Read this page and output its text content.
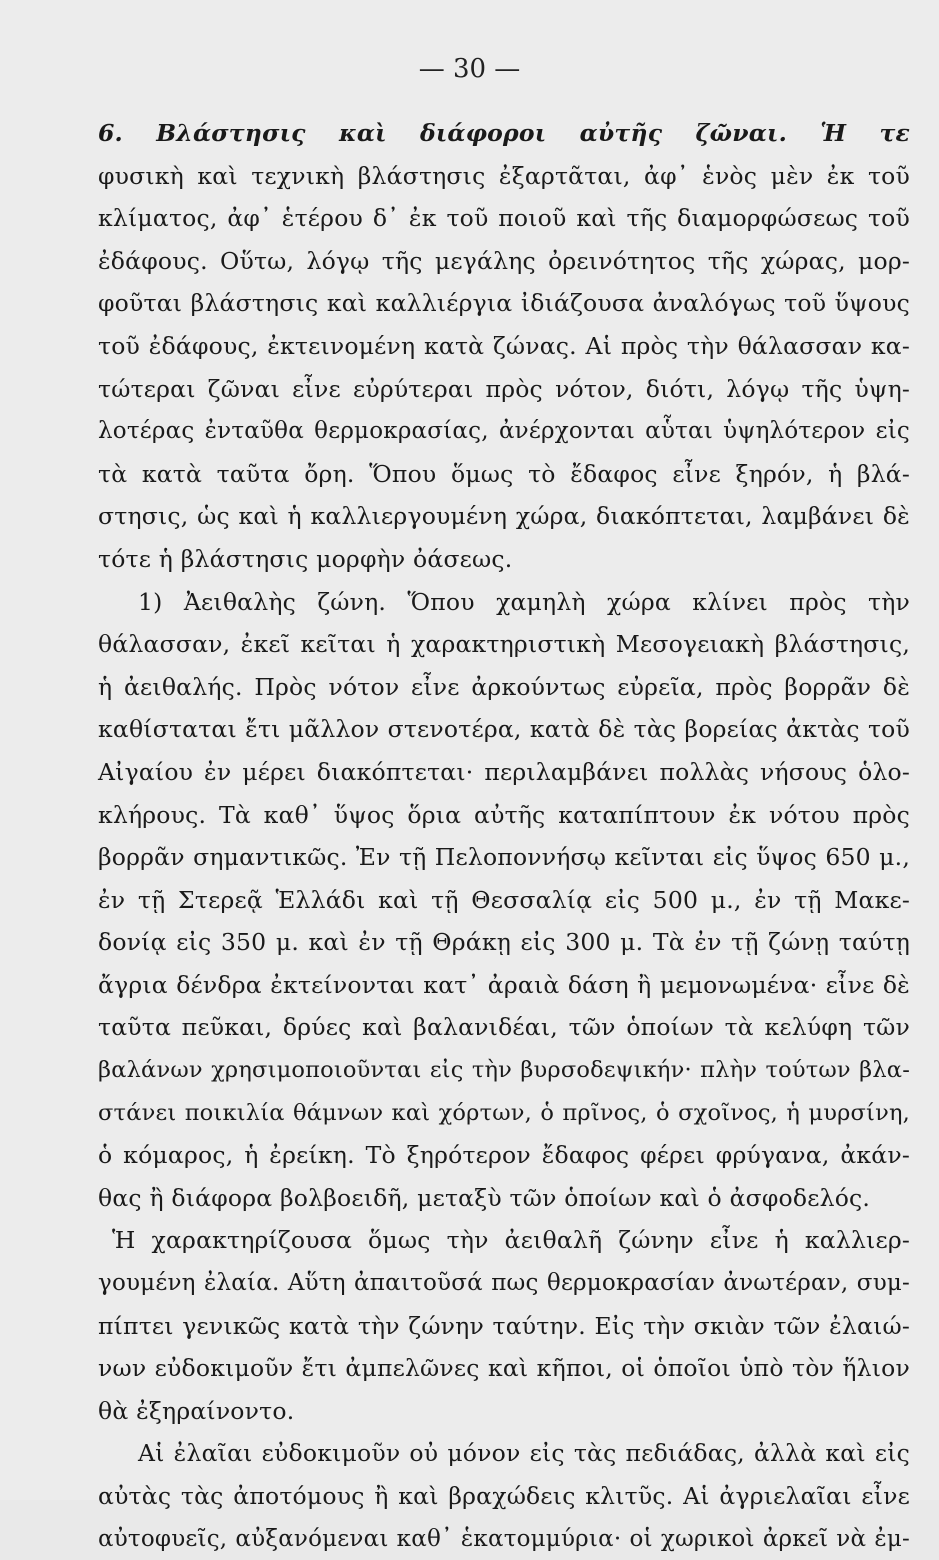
— 30 —
6. Βλάστησις καὶ διάφοροι αὐτῆς ζῶναι. Ἡ τε
φυσικὴ καὶ τεχνικὴ βλάστησις ἐξαρτᾶται, ἀφ᾽ ἑνὸς μὲν ἐκ τοῦ
κλίματος, ἀφ᾽ ἑτέρου δ᾽ ἐκ τοῦ ποιοῦ καὶ τῆς διαμορφώσεως τοῦ
ἐδάφους. Οὕτω, λόγῳ τῆς μεγάλης ὀρεινότητος τῆς χώρας, μορ-
φοῦται βλάστησις καὶ καλλιέργια ἰδιάζουσα ἀναλόγως τοῦ ὕψους
τοῦ ἐδάφους, ἐκτεινομένη κατὰ ζώνας. Αἱ πρὸς τὴν θάλασσαν κα-
τώτεραι ζῶναι εἶνε εὐρύτεραι πρὸς νότον, διότι, λόγῳ τῆς ὑψη-
λοτέρας ἐνταῦθα θερμοκρασίας, ἀνέρχονται αὗται ὑψηλότερον εἰς
τὰ κατὰ ταῦτα ὄρη. Ὅπου ὅμως τὸ ἔδαφος εἶνε ξηρόν, ἡ βλά-
στησις, ὡς καὶ ἡ καλλιεργουμένη χώρα, διακόπτεται, λαμβάνει δὲ
τότε ἡ βλάστησις μορφὴν ὀάσεως.
1) Ἀειθαλὴς ζώνη. Ὅπου χαμηλὴ χώρα κλίνει πρὸς τὴν
θάλασσαν, ἐκεῖ κεῖται ἡ χαρακτηριστικὴ Μεσογειακὴ βλάστησις,
ἡ ἀειθαλής. Πρὸς νότον εἶνε ἀρκούντως εὐρεῖα, πρὸς βορρᾶν δὲ
καθίσταται ἔτι μᾶλλον στενοτέρα, κατὰ δὲ τὰς βορείας ἀκτὰς τοῦ
Αἰγαίου ἐν μέρει διακόπτεται· περιλαμβάνει πολλὰς νήσους ὁλο-
κλήρους. Τὰ καθ᾽ ὕψος ὅρια αὐτῆς καταπίπτουν ἐκ νότου πρὸς
βορρᾶν σημαντικῶς. Ἐν τῇ Πελοποννήσῳ κεῖνται εἰς ὕψος 650 μ.,
ἐν τῇ Στερεᾷ Ἑλλάδι καὶ τῇ Θεσσαλίᾳ εἰς 500 μ., ἐν τῇ Μακε-
δονίᾳ εἰς 350 μ. καὶ ἐν τῇ Θράκῃ εἰς 300 μ. Τὰ ἐν τῇ ζώνῃ ταύτῃ
ἄγρια δένδρα ἐκτείνονται κατ᾽ ἀραιὰ δάση ἢ μεμονωμένα· εἶνε δὲ
ταῦτα πεῦκαι, δρύες καὶ βαλανιδέαι, τῶν ὁποίων τὰ κελύφη τῶν
βαλάνων χρησιμοποιοῦνται εἰς τὴν βυρσοδεψικήν· πλὴν τούτων βλα-
στάνει ποικιλία θάμνων καὶ χόρτων, ὁ πρῖνος, ὁ σχοῖνος, ἡ μυρσίνη,
ὁ κόμαρος, ἡ ἐρείκη. Τὸ ξηρότερον ἔδαφος φέρει φρύγανα, ἀκάν-
θας ἢ διάφορα βολβοειδῆ, μεταξὺ τῶν ὁποίων καὶ ὁ ἀσφοδελός.
Ἡ χαρακτηρίζουσα ὅμως τὴν ἀειθαλῆ ζώνην εἶνε ἡ καλλιερ-
γουμένη ἐλαία. Αὕτη ἀπαιτοῦσά πως θερμοκρασίαν ἀνωτέραν, συμ-
πίπτει γενικῶς κατὰ τὴν ζώνην ταύτην. Εἰς τὴν σκιὰν τῶν ἐλαιώ-
νων εὐδοκιμοῦν ἔτι ἀμπελῶνες καὶ κῆποι, οἱ ὁποῖοι ὑπὸ τὸν ἥλιον
θὰ ἐξηραίνοντο.
Αἱ ἐλαῖαι εὐδοκιμοῦν οὐ μόνον εἰς τὰς πεδιάδας, ἀλλὰ καὶ εἰς
αὐτὰς τὰς ἀποτόμους ἢ καὶ βραχώδεις κλιτῦς. Αἱ ἀγριελαῖαι εἶνε
αὐτοφυεῖς, αὐξανόμεναι καθ᾽ ἑκατομμύρια· οἱ χωρικοὶ ἀρκεῖ νὰ ἐμ-
